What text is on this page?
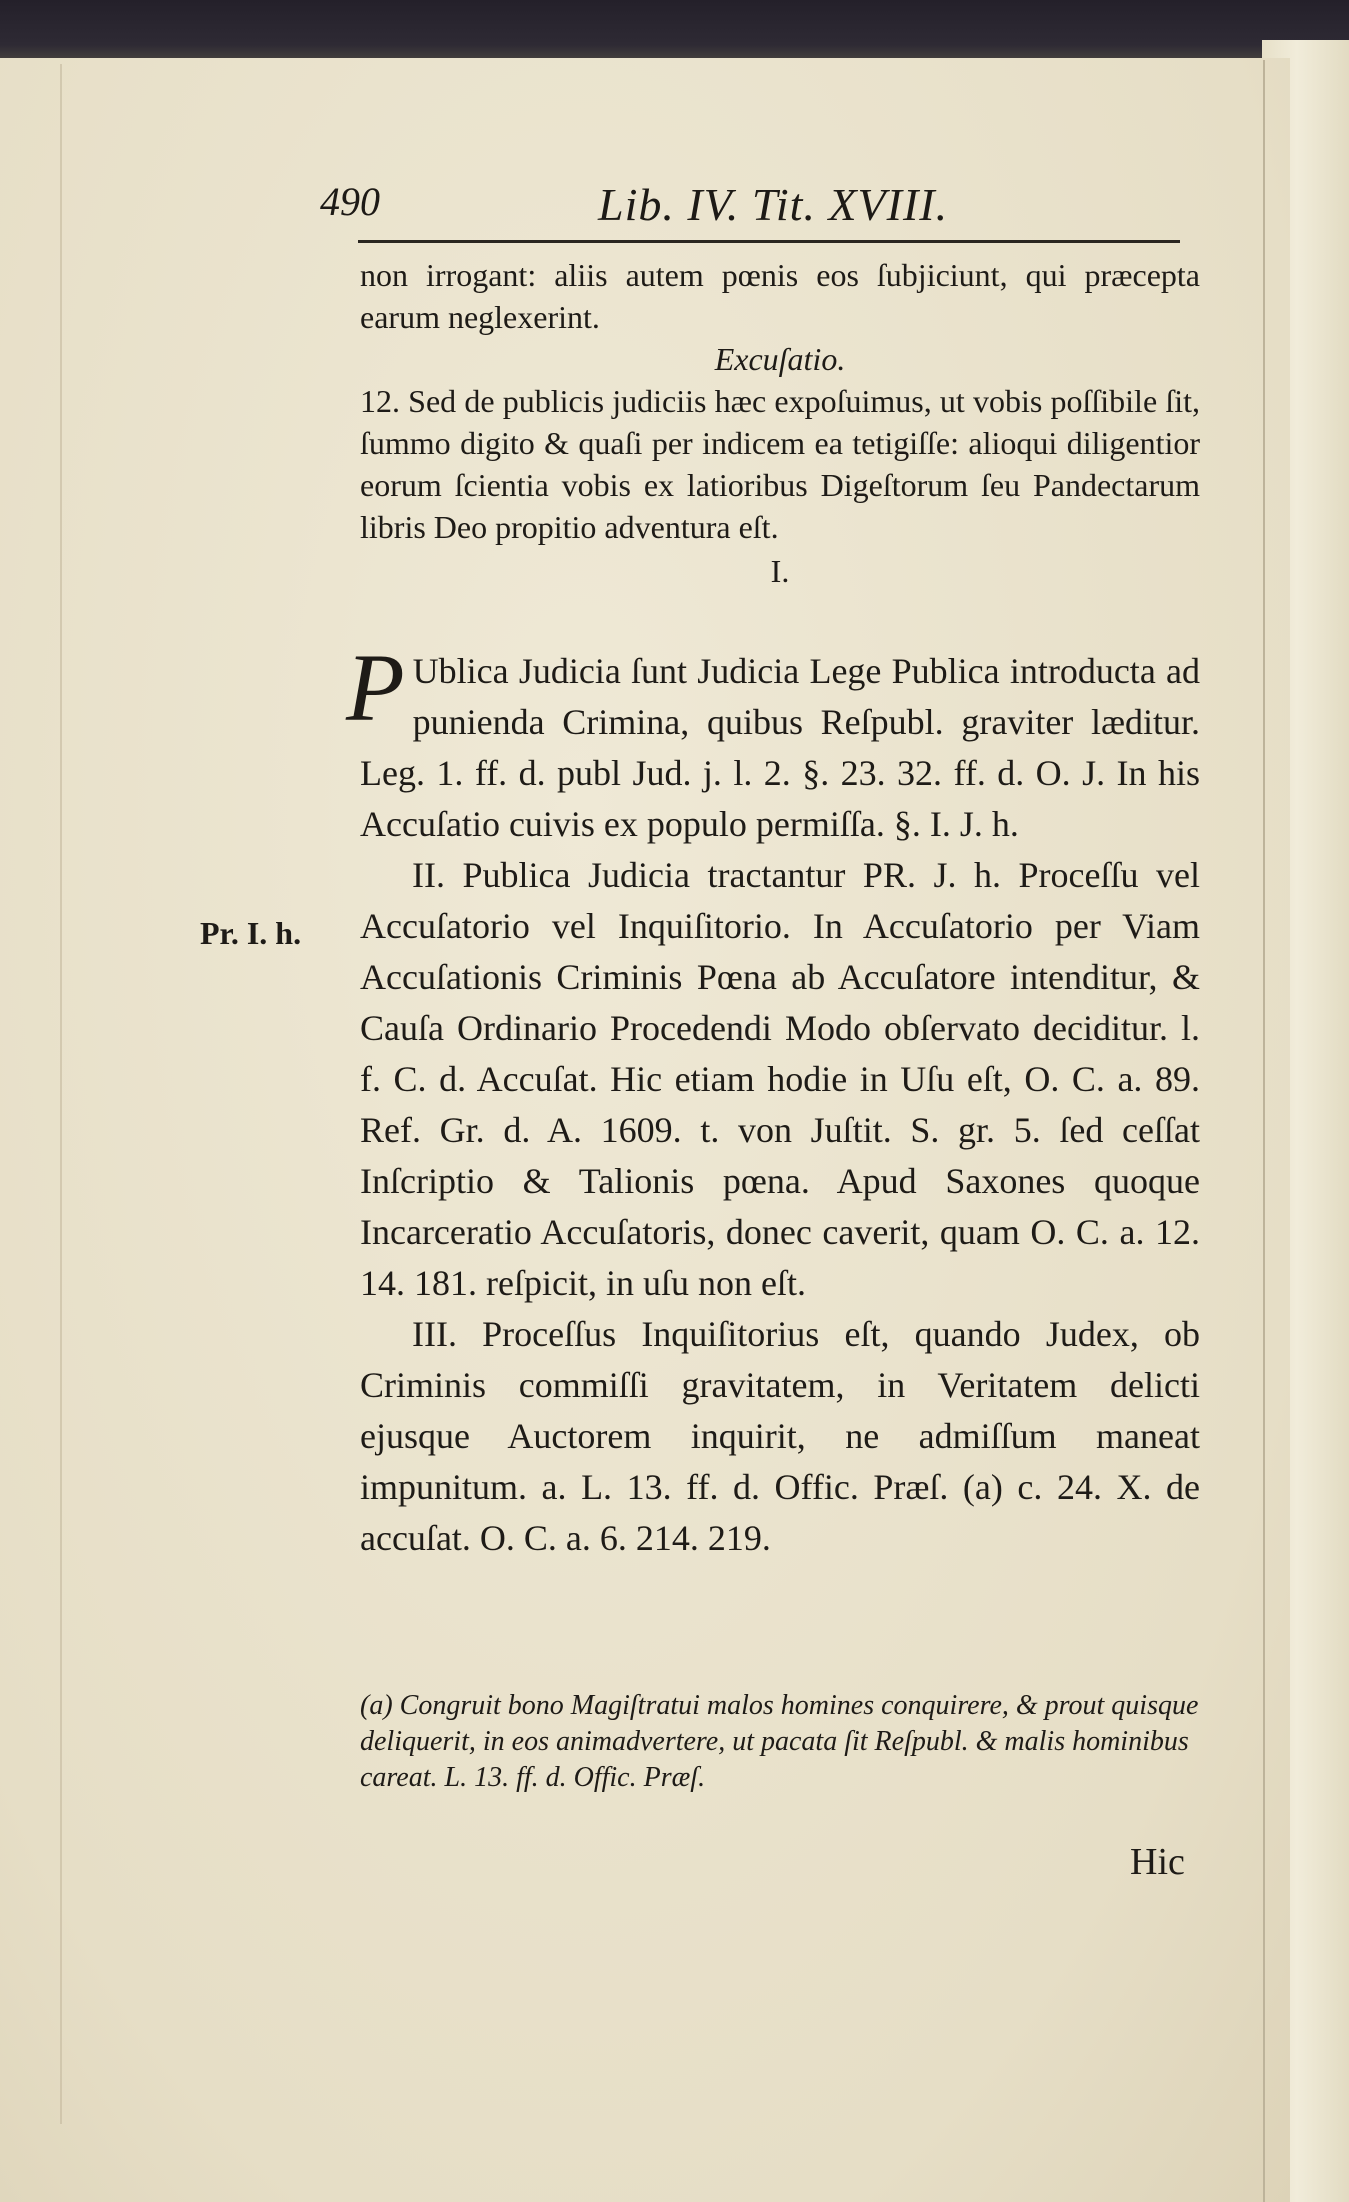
490	Lib. IV. Tit. XVIII.

non irrogant: aliis autem pœnis eos ſubjiciunt, qui præcepta earum neglexerint.

Excuſatio.

12. Sed de publicis judiciis hæc expoſuimus, ut vobis poſſibile ſit, ſummo digito & quaſi per indicem ea tetigiſſe: alioqui diligentior eorum ſcientia vobis ex latioribus Digeſtorum ſeu Pandectarum libris Deo propitio adventura eſt.

I.

P Ublica Judicia ſunt Judicia Lege Publica introducta ad punienda Crimina, quibus Reſpubl. graviter læditur. Leg. 1. ff. d. publ Jud. j. l. 2. §. 23. 32. ff. d. O. J. In his Accuſatio cuivis ex populo permiſſa. §. I. J. h.

II. Publica Judicia tractantur PR. J. h. Proceſſu vel Accuſatorio vel Inquiſitorio. In Accuſatorio per Viam Accuſationis Criminis Pœna ab Accuſatore intenditur, & Cauſa Ordinario Procedendi Modo obſervato deciditur. l. f. C. d. Accuſat. Hic etiam hodie in Uſu eſt, O. C. a. 89. Ref. Gr. d. A. 1609. t. von Juſtit. S. gr. 5. ſed ceſſat Inſcriptio & Talionis pœna. Apud Saxones quoque Incarceratio Accuſatoris, donec caverit, quam O. C. a. 12. 14. 181. reſpicit, in uſu non eſt.

III. Proceſſus Inquiſitorius eſt, quando Judex, ob Criminis commiſſi gravitatem, in Veritatem delicti ejusque Auctorem inquirit, ne admiſſum maneat impunitum. a. L. 13. ff. d. Offic. Præſ. (a) c. 24. X. de accuſat. O. C. a. 6. 214. 219.

Pr. I. h.

(a) Congruit bono Magiſtratui malos homines conquirere, & prout quisque deliquerit, in eos animadvertere, ut pacata ſit Reſpubl. & malis hominibus careat. L. 13. ff. d. Offic. Præſ.

Hic
